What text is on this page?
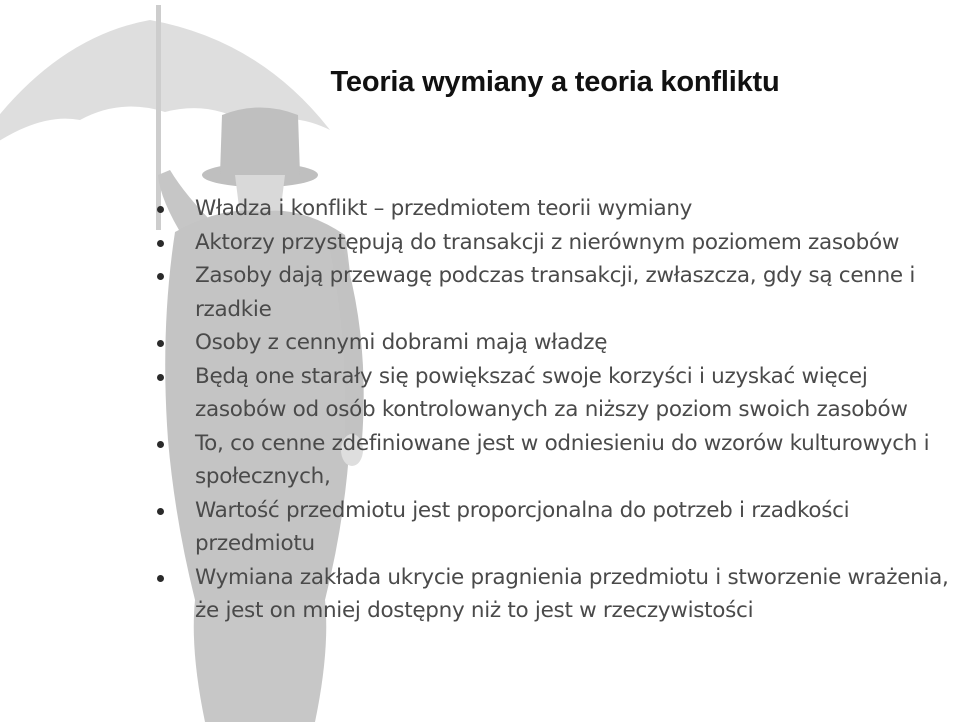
Teoria wymiany a teoria konfliktu
Władza i konflikt – przedmiotem teorii wymiany
Aktorzy przystępują do transakcji z nierównym poziomem zasobów
Zasoby dają przewagę podczas transakcji, zwłaszcza, gdy są cenne i rzadkie
Osoby z cennymi dobrami mają władzę
Będą one starały się powiększać swoje korzyści i uzyskać więcej zasobów od osób kontrolowanych za niższy poziom swoich zasobów
To, co cenne zdefiniowane jest w odniesieniu do wzorów kulturowych i społecznych,
Wartość przedmiotu jest proporcjonalna do potrzeb i rzadkości przedmiotu
Wymiana zakłada ukrycie pragnienia przedmiotu i stworzenie wrażenia, że jest on mniej dostępny niż to jest w rzeczywistości
